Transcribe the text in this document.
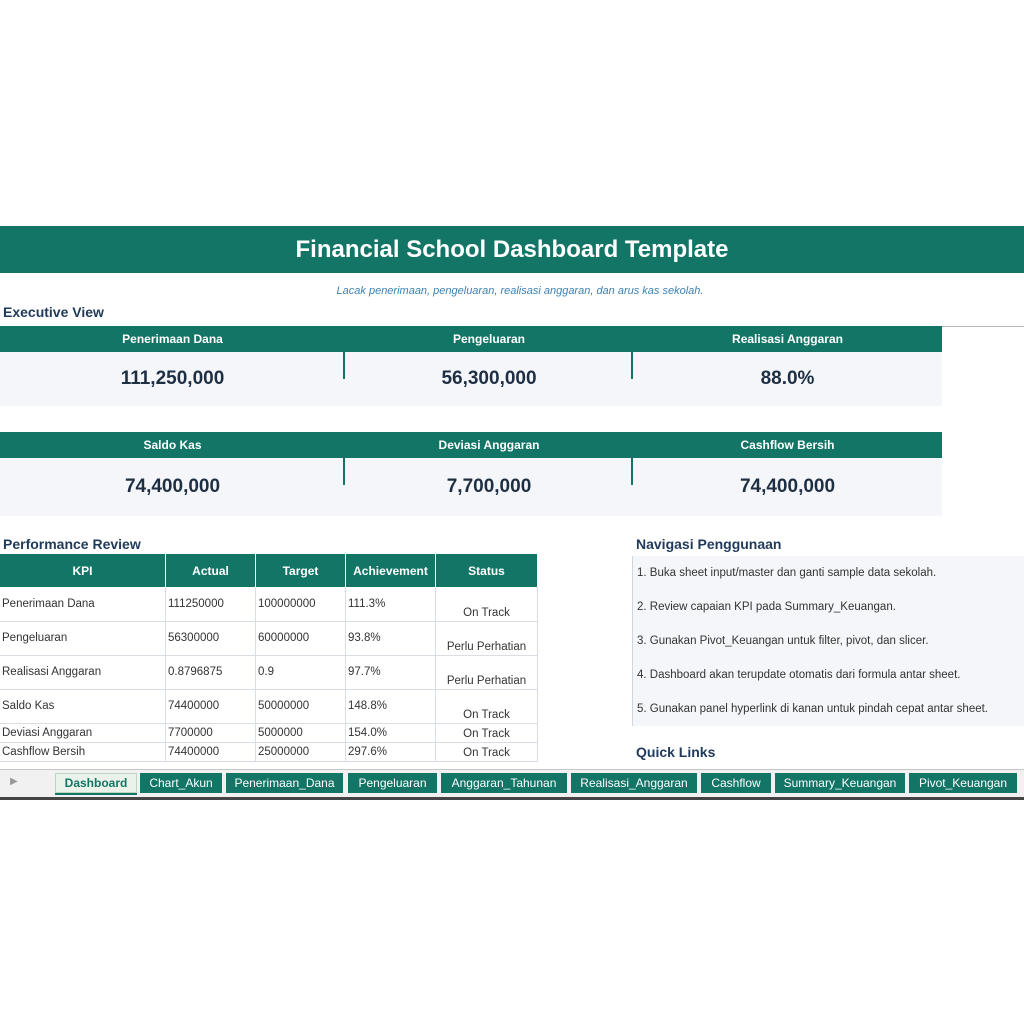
Financial School Dashboard Template
Lacak penerimaan, pengeluaran, realisasi anggaran, dan arus kas sekolah.
Executive View
Penerimaan Dana
111,250,000
Pengeluaran
56,300,000
Realisasi Anggaran
88.0%
Saldo Kas
74,400,000
Deviasi Anggaran
7,700,000
Cashflow Bersih
74,400,000
Performance Review
KPI	Actual	Target	Achievement	Status
Penerimaan Dana	111250000	100000000	111.3%	On Track
Pengeluaran	56300000	60000000	93.8%	Perlu Perhatian
Realisasi Anggaran	0.8796875	0.9	97.7%	Perlu Perhatian
Saldo Kas	74400000	50000000	148.8%	On Track
Deviasi Anggaran	7700000	5000000	154.0%	On Track
Cashflow Bersih	74400000	25000000	297.6%	On Track
Navigasi Penggunaan
1. Buka sheet input/master dan ganti sample data sekolah.
2. Review capaian KPI pada Summary_Keuangan.
3. Gunakan Pivot_Keuangan untuk filter, pivot, dan slicer.
4. Dashboard akan terupdate otomatis dari formula antar sheet.
5. Gunakan panel hyperlink di kanan untuk pindah cepat antar sheet.
Quick Links
▶	Dashboard	Chart_Akun	Penerimaan_Dana	Pengeluaran	Anggaran_Tahunan	Realisasi_Anggaran	Cashflow	Summary_Keuangan	Pivot_Keuangan
